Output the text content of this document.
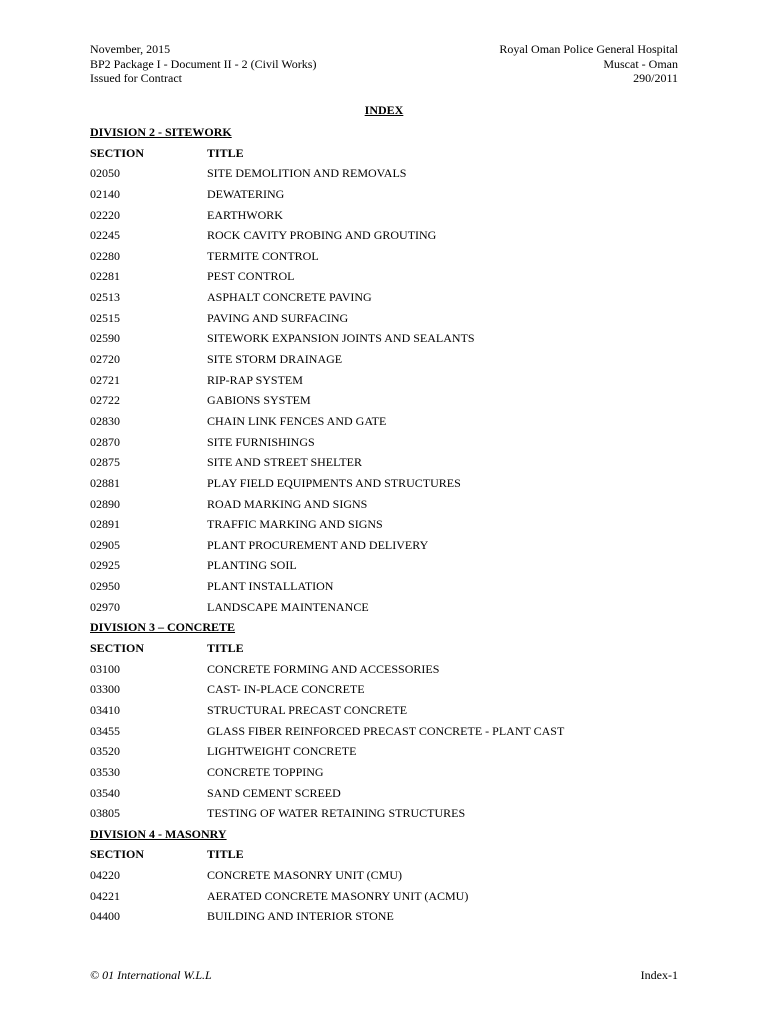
November, 2015
BP2 Package I - Document II - 2 (Civil Works)
Issued for Contract
Royal Oman Police General Hospital
Muscat - Oman
290/2011
INDEX
DIVISION 2 - SITEWORK
SECTION	TITLE
02050	SITE DEMOLITION AND REMOVALS
02140	DEWATERING
02220	EARTHWORK
02245	ROCK CAVITY PROBING AND GROUTING
02280	TERMITE CONTROL
02281	PEST CONTROL
02513	ASPHALT CONCRETE PAVING
02515	PAVING AND SURFACING
02590	SITEWORK EXPANSION JOINTS AND SEALANTS
02720	SITE STORM DRAINAGE
02721	RIP-RAP SYSTEM
02722	GABIONS SYSTEM
02830	CHAIN LINK FENCES AND GATE
02870	SITE FURNISHINGS
02875	SITE AND STREET SHELTER
02881	PLAY FIELD EQUIPMENTS AND STRUCTURES
02890	ROAD MARKING AND SIGNS
02891	TRAFFIC MARKING AND SIGNS
02905	PLANT PROCUREMENT AND DELIVERY
02925	PLANTING SOIL
02950	PLANT INSTALLATION
02970	LANDSCAPE MAINTENANCE
DIVISION 3 – CONCRETE
SECTION	TITLE
03100	CONCRETE FORMING AND ACCESSORIES
03300	CAST- IN-PLACE CONCRETE
03410	STRUCTURAL PRECAST CONCRETE
03455	GLASS FIBER REINFORCED PRECAST CONCRETE - PLANT CAST
03520	LIGHTWEIGHT CONCRETE
03530	CONCRETE TOPPING
03540	SAND CEMENT SCREED
03805	TESTING OF WATER RETAINING STRUCTURES
DIVISION 4 - MASONRY
SECTION	TITLE
04220	CONCRETE MASONRY UNIT (CMU)
04221	AERATED CONCRETE MASONRY UNIT (ACMU)
04400	BUILDING AND INTERIOR STONE
© 01 International W.L.L	Index-1
